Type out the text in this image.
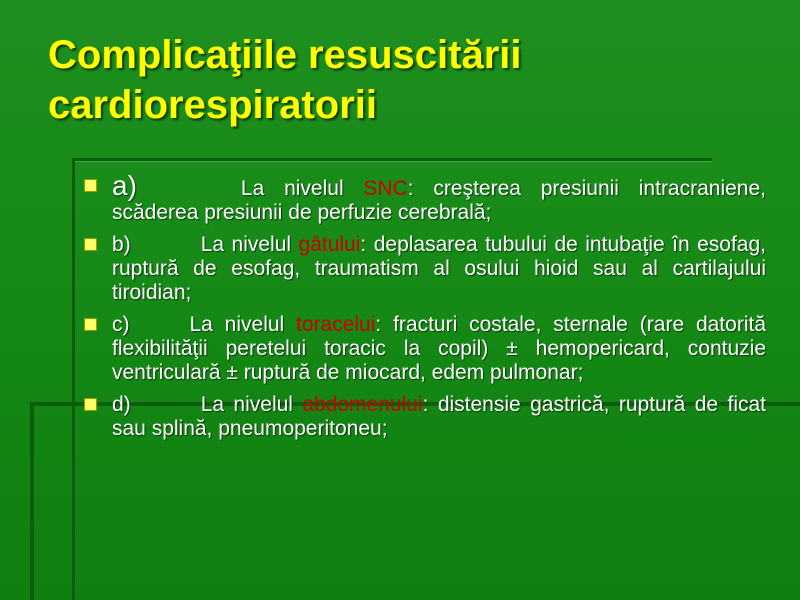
Complicaţiile resuscitării cardiorespiratorii
a)	La nivelul SNC: creşterea presiunii intracraniene, scăderea presiunii de perfuzie cerebrală;
b)	La nivelul gâtului: deplasarea tubului de intubaţie în esofag, ruptură de esofag, traumatism al osului hioid sau al cartilajului tiroidian;
c)	La nivelul toracelui: fracturi costale, sternale (rare datorită flexibilităţii peretelui toracic la copil) ± hemopericard, contuzie ventriculară ± ruptură de miocard, edem pulmonar;
d)	La nivelul abdomenului: distensie gastrică, ruptură de ficat sau splină, pneumoperitoneu;
